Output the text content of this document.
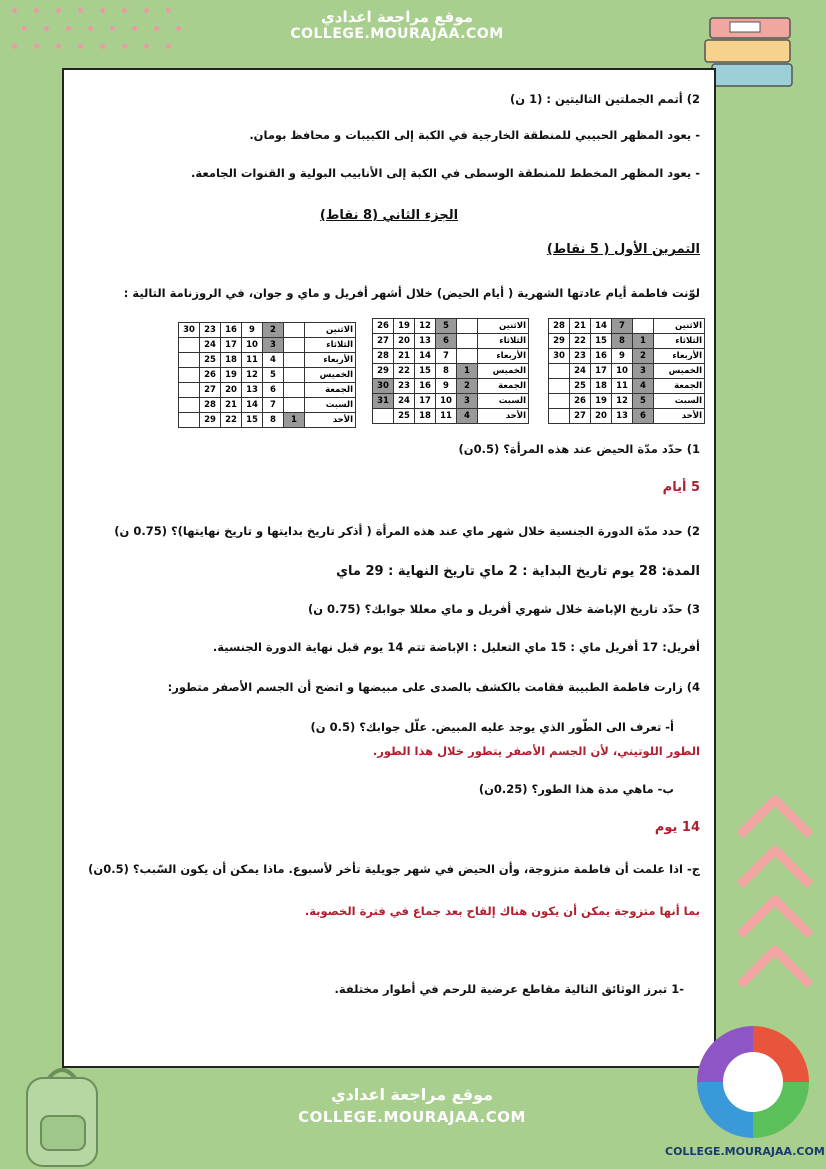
موقع مراجعة اعدادي
COLLEGE.MOURAJAA.COM
2) أتمم الجملتين التاليتين : (1 ن)
- يعود المظهر الحبيبي للمنطقة الخارجية في الكبة إلى الكبيبات و محافظ بومان.
- يعود المظهر المخطط للمنطقة الوسطى في الكبة إلى الأنابيب البولية و القنوات الجامعة.
الجزء الثاني (8 نقاط)
التمرين الأول ( 5 نقاط)
لوّنت فاطمة أيام عادتها الشهرية ( أيام الحيض) خلال أشهر أفريل و ماي و جوان، في الروزنامة التالية :
الاثنين		7	14	21	28
الثلاثاء	1	8	15	22	29
الأربعاء	2	9	16	23	30
الخميس	3	10	17	24	
الجمعة	4	11	18	25	
السبت	5	12	19	26	
الأحد	6	13	20	27	
الاثنين		5	12	19	26
الثلاثاء		6	13	20	27
الأربعاء		7	14	21	28
الخميس	1	8	15	22	29
الجمعة	2	9	16	23	30
السبت	3	10	17	24	31
الأحد	4	11	18	25	
الاثنين		2	9	16	23	30
الثلاثاء		3	10	17	24	
الأربعاء		4	11	18	25	
الخميس		5	12	19	26	
الجمعة		6	13	20	27	
السبت		7	14	21	28	
الأحد	1	8	15	22	29	
1) حدّد مدّة الحيض عند هذه المرأة؟ (0.5ن)
5 أيام
2) حدد مدّة الدورة الجنسية خلال شهر ماي عند هذه المرأة ( أذكر تاريخ بدايتها و تاريخ نهايتها)؟ (0.75 ن)
المدة: 28 يوم تاريخ البداية : 2 ماي تاريخ النهاية : 29 ماي
3) حدّد تاريخ الإباضة خلال شهري أفريل و ماي معللا جوابك؟ (0.75 ن)
أفريل: 17 أفريل ماي : 15 ماي التعليل : الإباضة تتم 14 يوم قبل نهاية الدورة الجنسية.
4) زارت فاطمة الطبيبة فقامت بالكشف بالصدى على مبيضها و اتضح أن الجسم الأصفر متطور:
أ- تعرف الى الطّور الذي يوجد عليه المبيض. علّل جوابك؟ (0.5 ن)
الطور اللوتيني، لأن الجسم الأصفر يتطور خلال هذا الطور.
ب- ماهي مدة هذا الطور؟ (0.25ن)
14 يوم
ج- اذا علمت أن فاطمة متزوجة، وأن الحيض في شهر جويلية تأخر لأسبوع. ماذا يمكن أن يكون السّبب؟ (0.5ن)
بما أنها متزوجة يمكن أن يكون هناك إلقاح بعد جماع في فترة الخصوبة.
-1 تبرز الوثائق التالية مقاطع عرضية للرحم في أطوار مختلفة.
موقع مراجعة اعدادي
COLLEGE.MOURAJAA.COM
COLLEGE.MOURAJAA.COM
